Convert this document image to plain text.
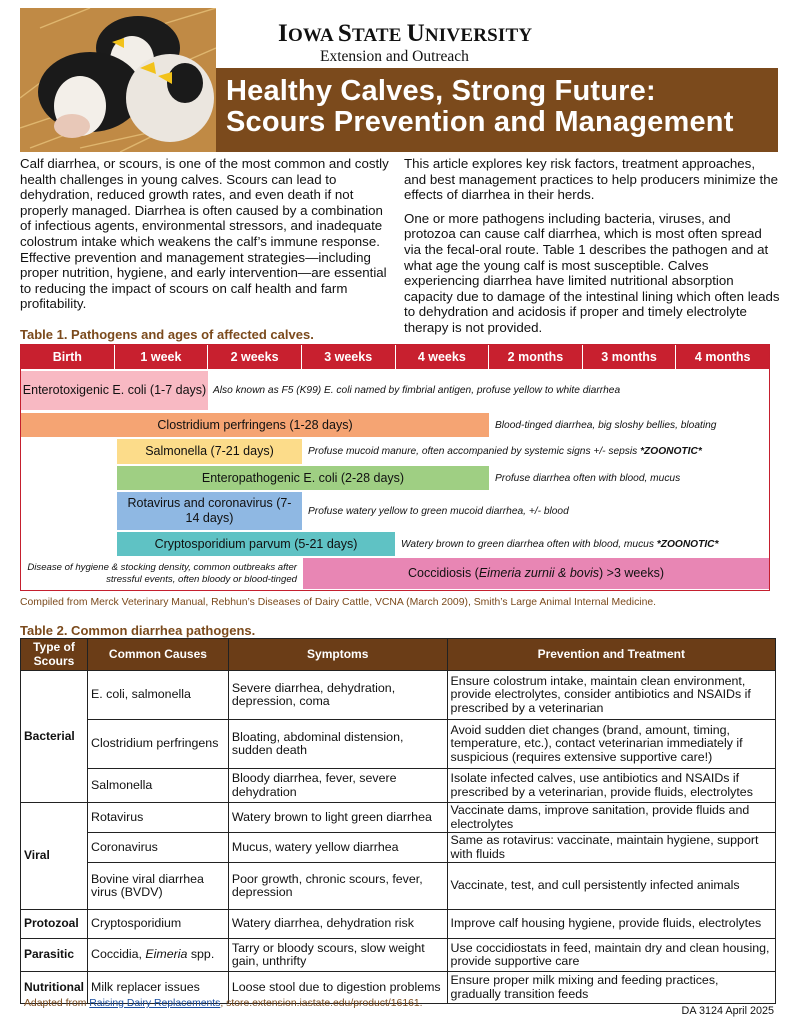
IOWA STATE UNIVERSITY
Extension and Outreach
Healthy Calves, Strong Future:
Scours Prevention and Management

Calf diarrhea, or scours, is one of the most common and costly health challenges in young calves. Scours can lead to dehydration, reduced growth rates, and even death if not properly managed. Diarrhea is often caused by a combination of infectious agents, environmental stressors, and inadequate colostrum intake which weakens the calf’s immune response. Effective prevention and management strategies—including proper nutrition, hygiene, and early intervention—are essential to reducing the impact of scours on calf health and farm profitability.

This article explores key risk factors, treatment approaches, and best management practices to help producers minimize the effects of diarrhea in their herds.

One or more pathogens including bacteria, viruses, and protozoa can cause calf diarrhea, which is most often spread via the fecal-oral route. Table 1 describes the pathogen and at what age the young calf is most susceptible. Calves experiencing diarrhea have limited nutritional absorption capacity due to damage of the intestinal lining which often leads to dehydration and acidosis if proper and timely electrolyte therapy is not provided.

Table 1. Pathogens and ages of affected calves.
Birth	1 week	2 weeks	3 weeks	4 weeks	2 months	3 months	4 months
Enterotoxigenic E. coli (1-7 days) Also known as F5 (K99) E. coli named by fimbrial antigen, profuse yellow to white diarrhea
Clostridium perfringens (1-28 days)	Blood-tinged diarrhea, big sloshy bellies, bloating
Salmonella (7-21 days)	Profuse mucoid manure, often accompanied by systemic signs +/- sepsis *ZOONOTIC*
Enteropathogenic E. coli (2-28 days)	Profuse diarrhea often with blood, mucus
Rotavirus and coronavirus (7-14 days)	Profuse watery yellow to green mucoid diarrhea, +/- blood
Cryptosporidium parvum (5-21 days)	Watery brown to green diarrhea often with blood, mucus *ZOONOTIC*
Disease of hygiene & stocking density, common outbreaks after stressful events, often bloody or blood-tinged	Coccidiosis (Eimeria zurnii & bovis) >3 weeks)
Compiled from Merck Veterinary Manual, Rebhun’s Diseases of Dairy Cattle, VCNA (March 2009), Smith’s Large Animal Internal Medicine.
Table 2. Common diarrhea pathogens.
Type of Scours	Common Causes	Symptoms	Prevention and Treatment
Bacterial	E. coli, salmonella	Severe diarrhea, dehydration, depression, coma	Ensure colostrum intake, maintain clean environment, provide electrolytes, consider antibiotics and NSAIDs if prescribed by a veterinarian
	Clostridium perfringens	Bloating, abdominal distension, sudden death	Avoid sudden diet changes (brand, amount, timing, temperature, etc.), contact veterinarian immediately if suspicious (requires extensive supportive care!)
	Salmonella	Bloody diarrhea, fever, severe dehydration	Isolate infected calves, use antibiotics and NSAIDs if prescribed by a veterinarian, provide fluids, electrolytes
Viral	Rotavirus	Watery brown to light green diarrhea	Vaccinate dams, improve sanitation, provide fluids and electrolytes
	Coronavirus	Mucus, watery yellow diarrhea	Same as rotavirus: vaccinate, maintain hygiene, support with fluids
	Bovine viral diarrhea virus (BVDV)	Poor growth, chronic scours, fever, depression	Vaccinate, test, and cull persistently infected animals
Protozoal	Cryptosporidium	Watery diarrhea, dehydration risk	Improve calf housing hygiene, provide fluids, electrolytes
Parasitic	Coccidia, Eimeria spp.	Tarry or bloody scours, slow weight gain, unthrifty	Use coccidiostats in feed, maintain dry and clean housing, provide supportive care
Nutritional	Milk replacer issues	Loose stool due to digestion problems	Ensure proper milk mixing and feeding practices, gradually transition feeds
Adapted from Raising Dairy Replacements, store.extension.iastate.edu/product/16161.
DA 3124 April 2025
